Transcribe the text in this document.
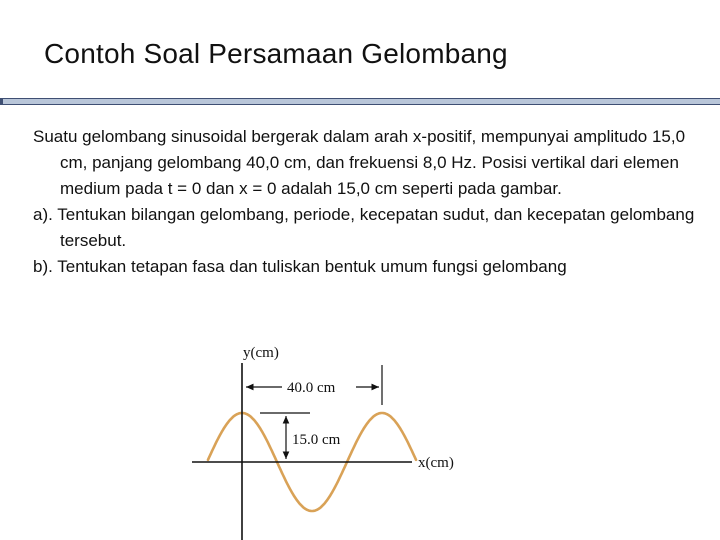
Contoh Soal Persamaan Gelombang

Suatu gelombang sinusoidal bergerak dalam arah x-positif, mempunyai amplitudo 15,0 cm, panjang gelombang 40,0 cm, dan frekuensi 8,0 Hz. Posisi vertikal dari elemen medium pada t = 0 dan x = 0 adalah 15,0 cm seperti pada gambar.

a). Tentukan bilangan gelombang, periode, kecepatan sudut, dan kecepatan gelombang tersebut.

b). Tentukan tetapan fasa dan tuliskan bentuk umum fungsi gelombang

40.0 cm
15.0 cm
y(cm)
x(cm)
